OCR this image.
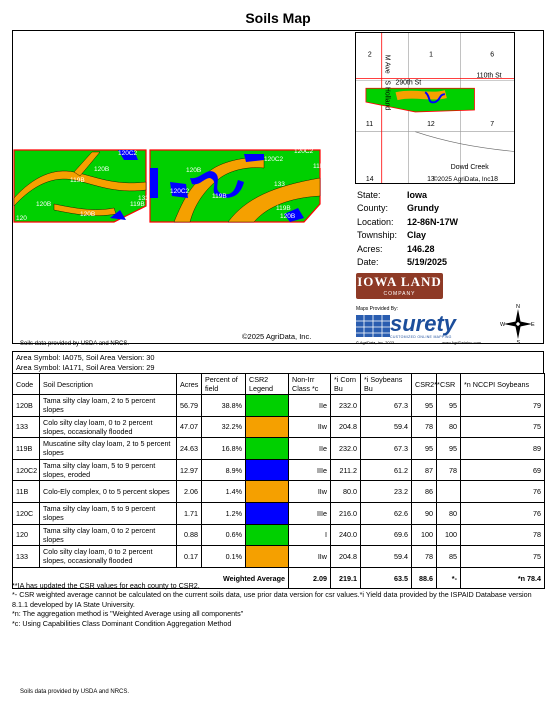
Soils Map
120C2
120B
119B
120B
120C2
120C2
11B
133
120B
120C2
119B
133
119B
120B
120B
120
119B
120C
©2025 AgriData, Inc.
Soils data provided by USDA and NRCS.
2	1	6
11	12	7
14	13	18
290th St
110th St
Dowd Creek
©2025 AgriData, Inc.
M Ave
S Holland
State:	Iowa
County:	Grundy
Location:	12-86N-17W
Township:	Clay
Acres:	146.28
Date:	5/19/2025
IOWA LAND
COMPANY
Maps Provided By:
surety
CUSTOMIZED ONLINE MAPPING
© AgriData, Inc. 2023	www.AgriDataInc.com
N
S
E
W
Area Symbol: IA075, Soil Area Version: 30
Area Symbol: IA171, Soil Area Version: 29
Code	Soil Description	Acres	Percent of field	CSR2 Legend	Non-Irr Class *c	*i Corn Bu	*i Soybeans Bu	CSR2**	CSR	*n NCCPI Soybeans
120B	Tama silty clay loam, 2 to 5 percent slopes	56.79	38.8%		IIe	232.0	67.3	95	95	79
133	Colo silty clay loam, 0 to 2 percent slopes, occasionally flooded	47.07	32.2%		IIw	204.8	59.4	78	80	75
119B	Muscatine silty clay loam, 2 to 5 percent slopes	24.63	16.8%		IIe	232.0	67.3	95	95	89
120C2	Tama silty clay loam, 5 to 9 percent slopes, eroded	12.97	8.9%		IIIe	211.2	61.2	87	78	69
11B	Colo-Ely complex, 0 to 5 percent slopes	2.06	1.4%		IIw	80.0	23.2	86		76
120C	Tama silty clay loam, 5 to 9 percent slopes	1.71	1.2%		IIIe	216.0	62.6	90	80	76
120	Tama silty clay loam, 0 to 2 percent slopes	0.88	0.6%		I	240.0	69.6	100	100	78
133	Colo silty clay loam, 0 to 2 percent slopes, occasionally flooded	0.17	0.1%		IIw	204.8	59.4	78	85	75
Weighted Average					2.09	219.1	63.5	88.6	*-	*n 78.4
**IA has updated the CSR values for each county to CSR2.
*- CSR weighted average cannot be calculated on the current soils data, use prior data version for csr values.*i Yield data provided by the ISPAID Database version 8.1.1 developed by IA State University.
*n: The aggregation method is "Weighted Average using all components"
*c: Using Capabilities Class Dominant Condition Aggregation Method
Soils data provided by USDA and NRCS.
